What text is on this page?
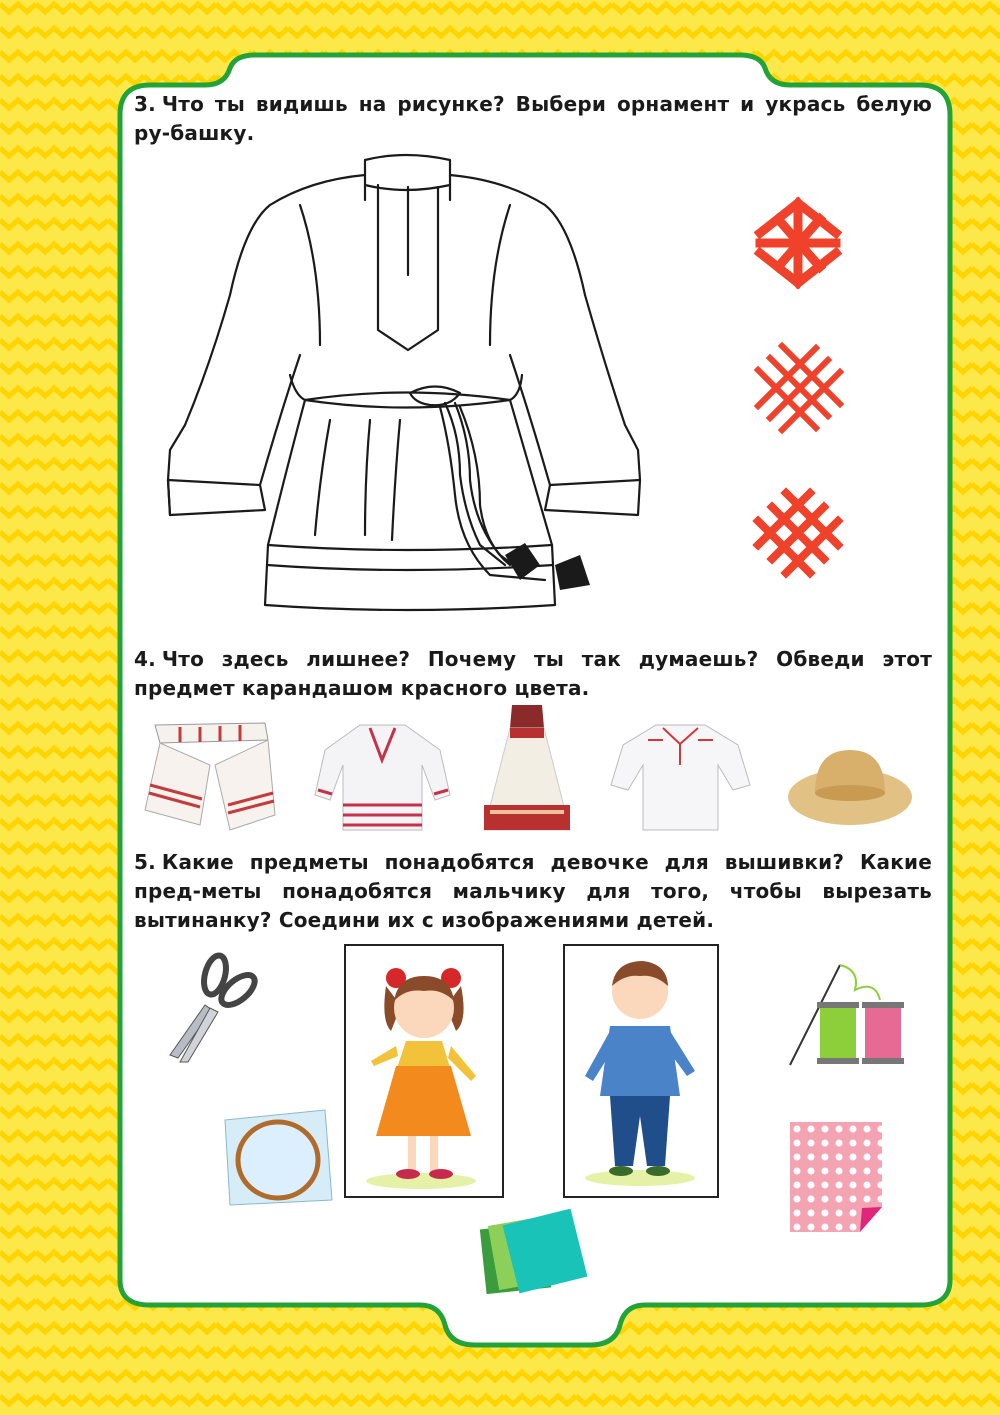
3. Что ты видишь на рисунке? Выбери орнамент и укрась белую ру-башку.

4. Что здесь лишнее? Почему ты так думаешь? Обведи этот предмет карандашом красного цвета.

5. Какие предметы понадобятся девочке для вышивки? Какие пред-меты понадобятся мальчику для того, чтобы вырезать вытинанку? Соедини их с изображениями детей.
